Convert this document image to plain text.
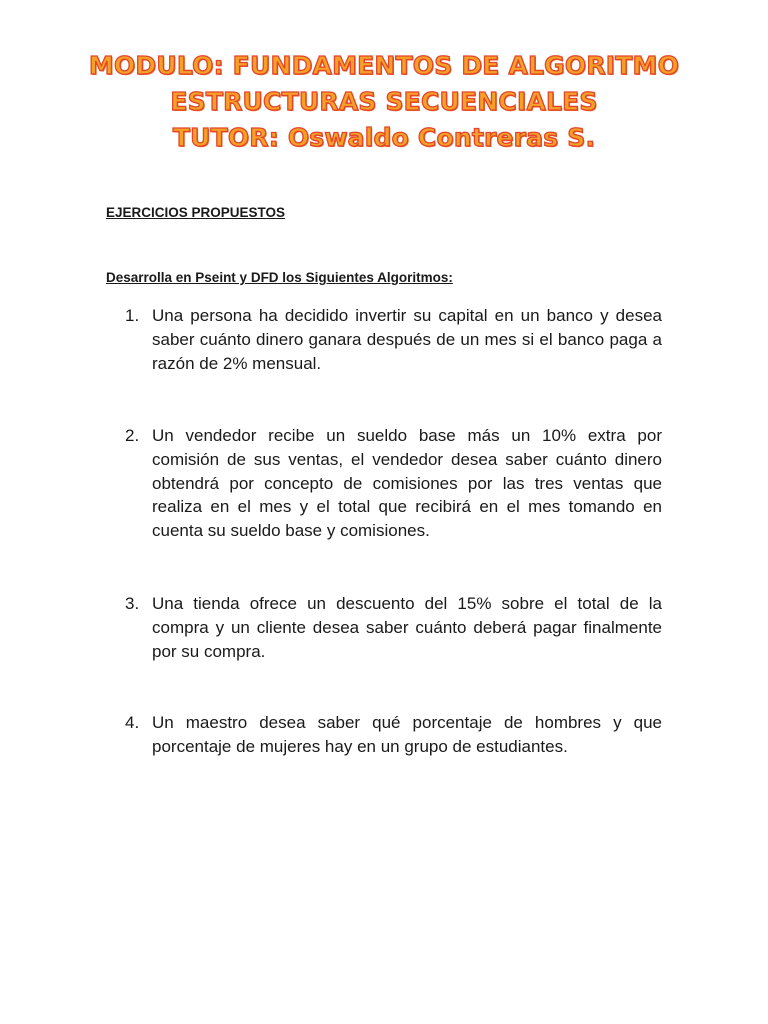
MODULO: FUNDAMENTOS DE ALGORITMO
ESTRUCTURAS SECUENCIALES
TUTOR: Oswaldo Contreras S.
EJERCICIOS PROPUESTOS
Desarrolla en Pseint y DFD los Siguientes Algoritmos:
1. Una persona ha decidido invertir su capital en un banco y desea saber cuánto dinero ganara después de un mes si el banco paga a razón de 2% mensual.
2. Un vendedor recibe un sueldo base más un 10% extra por comisión de sus ventas, el vendedor desea saber cuánto dinero obtendrá por concepto de comisiones por las tres ventas que realiza en el mes y el total que recibirá en el mes tomando en cuenta su sueldo base y comisiones.
3. Una tienda ofrece un descuento del 15% sobre el total de la compra y un cliente desea saber cuánto deberá pagar finalmente por su compra.
4. Un maestro desea saber qué porcentaje de hombres y que porcentaje de mujeres hay en un grupo de estudiantes.
